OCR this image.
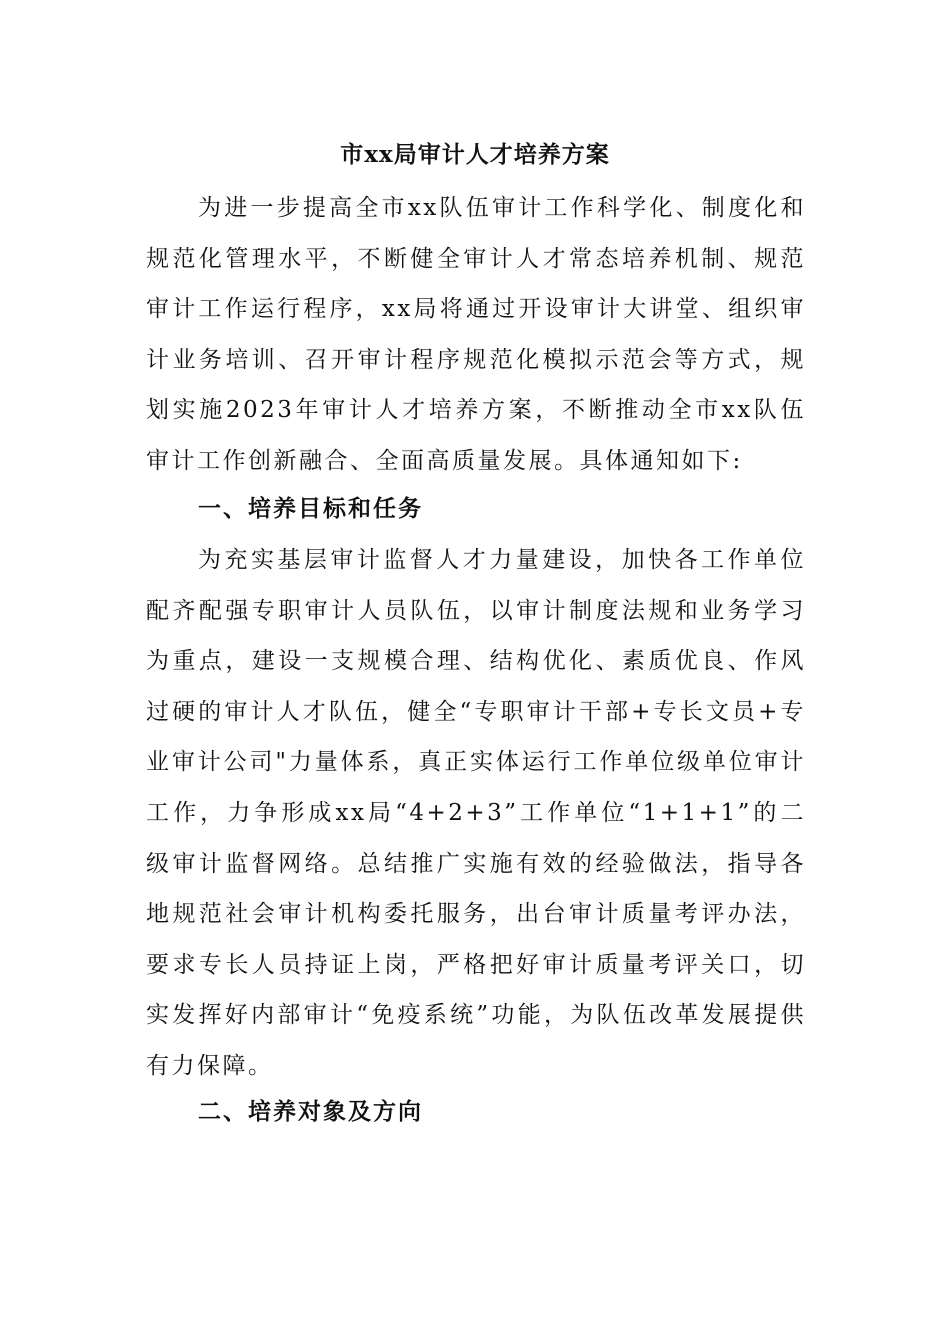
市xx局审计人才培养方案

为进一步提高全市xx队伍审计工作科学化、制度化和规范化管理水平，不断健全审计人才常态培养机制、规范审计工作运行程序，xx局将通过开设审计大讲堂、组织审计业务培训、召开审计程序规范化模拟示范会等方式，规划实施2023年审计人才培养方案，不断推动全市xx队伍审计工作创新融合、全面高质量发展。具体通知如下:

一、培养目标和任务

为充实基层审计监督人才力量建设，加快各工作单位配齐配强专职审计人员队伍，以审计制度法规和业务学习为重点，建设一支规模合理、结构优化、素质优良、作风过硬的审计人才队伍，健全“专职审计干部+专长文员+专业审计公司"力量体系，真正实体运行工作单位级单位审计工作，力争形成xx局“4+2+3”工作单位“1+1+1”的二级审计监督网络。总结推广实施有效的经验做法，指导各地规范社会审计机构委托服务，出台审计质量考评办法，要求专长人员持证上岗，严格把好审计质量考评关口，切实发挥好内部审计“免疫系统”功能，为队伍改革发展提供有力保障。

二、培养对象及方向
